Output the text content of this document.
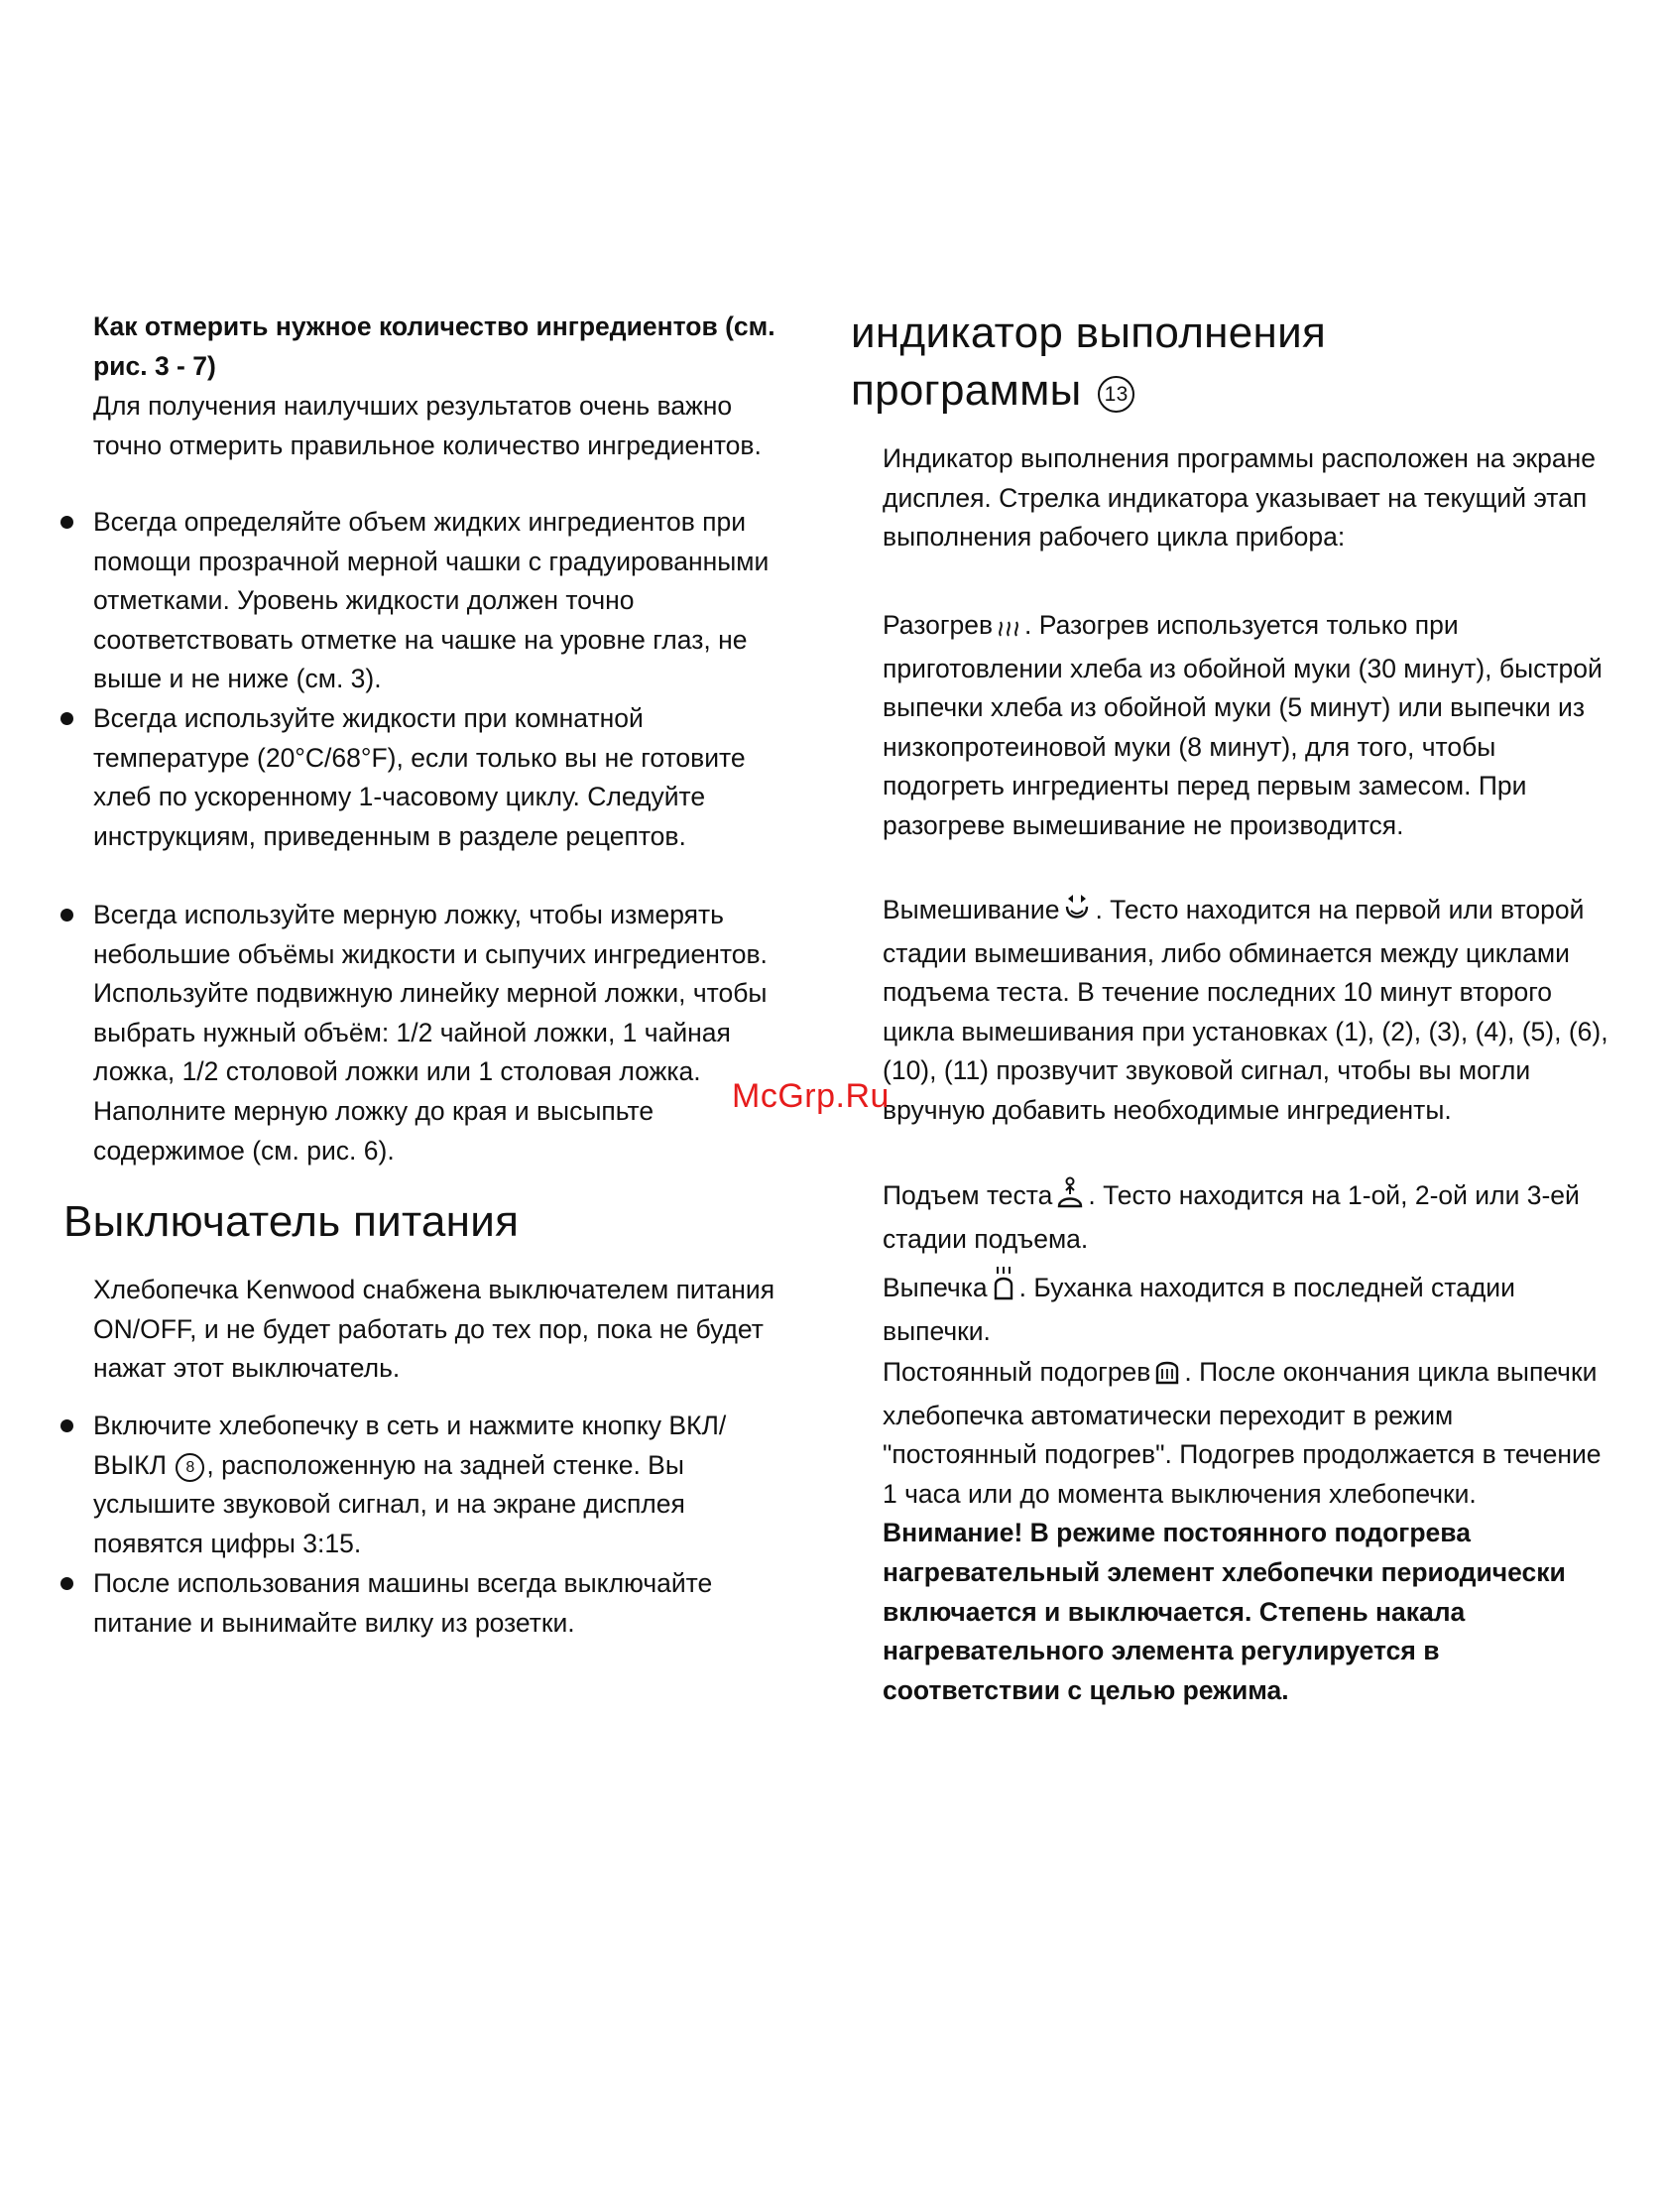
Как отмерить нужное количество ингредиентов (см. рис. 3 - 7)

Для получения наилучших результатов очень важно точно отмерить правильное количество ингредиентов.

Всегда определяйте объем жидких ингредиентов при помощи прозрачной мерной чашки с градуированными отметками. Уровень жидкости должен точно соответствовать отметке на чашке на уровне глаз, не выше и не ниже (см. 3).

Всегда используйте жидкости при комнатной температуре (20°C/68°F), если только вы не готовите хлеб по ускоренному 1-часовому циклу. Следуйте инструкциям, приведенным в разделе рецептов.

Всегда используйте мерную ложку, чтобы измерять небольшие объёмы жидкости и сыпучих ингредиентов. Используйте подвижную линейку мерной ложки, чтобы выбрать нужный объём: 1/2 чайной ложки, 1 чайная ложка, 1/2 столовой ложки или 1 столовая ложка. Наполните мерную ложку до края и высыпьте содержимое (см. рис. 6).

Выключатель питания

Хлебопечка Kenwood снабжена выключателем питания ON/OFF, и не будет работать до тех пор, пока не будет нажат этот выключатель.

Включите хлебопечку в сеть и нажмите кнопку ВКЛ/ВЫКЛ 8 , расположенную на задней стенке. Вы услышите звуковой сигнал, и на экране дисплея появятся цифры 3:15.

После использования машины всегда выключайте питание и вынимайте вилку из розетки.

индикатор выполнения
программы 13

Индикатор выполнения программы расположен на экране дисплея. Стрелка индикатора указывает на текущий этап выполнения рабочего цикла прибора:

Разогрев . Разогрев используется только при приготовлении хлеба из обойной муки (30 минут), быстрой выпечки хлеба из обойной муки (5 минут) или выпечки из низкопротеиновой муки (8 минут), для того, чтобы подогреть ингредиенты перед первым замесом. При разогреве вымешивание не производится.

Вымешивание . Тесто находится на первой или второй стадии вымешивания, либо обминается между циклами подъема теста. В течение последних 10 минут второго цикла вымешивания при установках (1), (2), (3), (4), (5), (6), (10), (11) прозвучит звуковой сигнал, чтобы вы могли вручную добавить необходимые ингредиенты.

Подъем теста . Тесто находится на 1-ой, 2-ой или 3-ей стадии подъема.

Выпечка . Буханка находится в последней стадии выпечки.

Постоянный подогрев . После окончания цикла выпечки хлебопечка автоматически переходит в режим "постоянный подогрев". Подогрев продолжается в течение 1 часа или до момента выключения хлебопечки. Внимание! В режиме постоянного подогрева нагревательный элемент хлебопечки периодически включается и выключается. Степень накала нагревательного элемента регулируется в соответствии с целью режима.

McGrp.Ru
